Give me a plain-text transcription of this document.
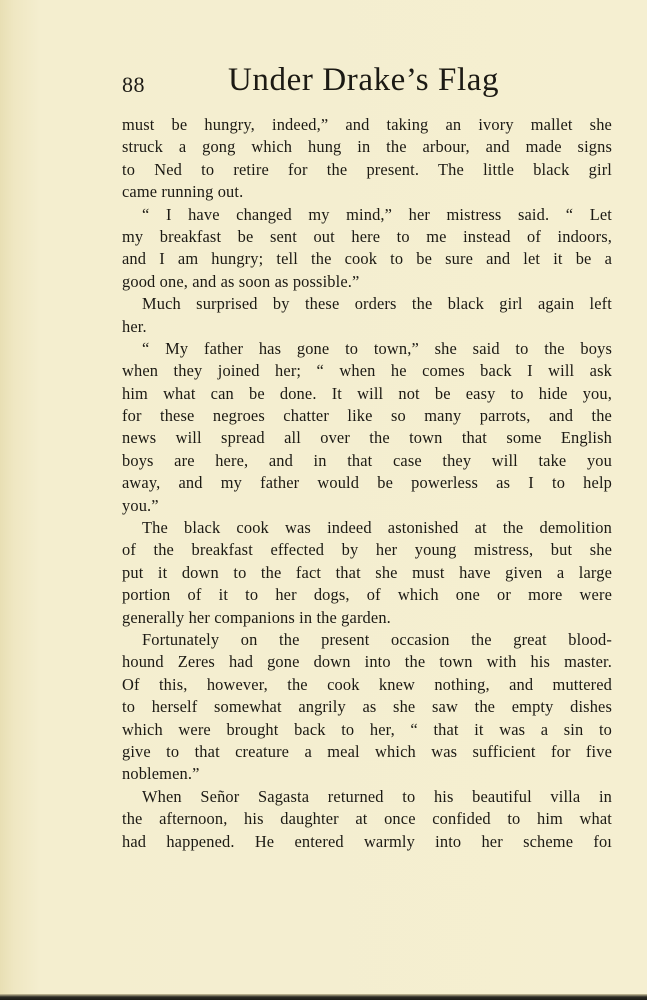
88	Under Drake’s Flag
must be hungry, indeed,” and taking an ivory mallet she
struck a gong which hung in the arbour, and made signs
to Ned to retire for the present. The little black girl
came running out.
“ I have changed my mind,” her mistress said. “ Let
my breakfast be sent out here to me instead of indoors,
and I am hungry; tell the cook to be sure and let it be a
good one, and as soon as possible.”
Much surprised by these orders the black girl again left
her.
“ My father has gone to town,” she said to the boys
when they joined her; “ when he comes back I will ask
him what can be done. It will not be easy to hide you,
for these negroes chatter like so many parrots, and the
news will spread all over the town that some English
boys are here, and in that case they will take you
away, and my father would be powerless as I to help
you.”
The black cook was indeed astonished at the demolition
of the breakfast effected by her young mistress, but she
put it down to the fact that she must have given a large
portion of it to her dogs, of which one or more were
generally her companions in the garden.
Fortunately on the present occasion the great blood-
hound Zeres had gone down into the town with his master.
Of this, however, the cook knew nothing, and muttered
to herself somewhat angrily as she saw the empty dishes
which were brought back to her, “ that it was a sin to
give to that creature a meal which was sufficient for five
noblemen.”
When Señor Sagasta returned to his beautiful villa in
the afternoon, his daughter at once confided to him what
had happened. He entered warmly into her scheme foı
